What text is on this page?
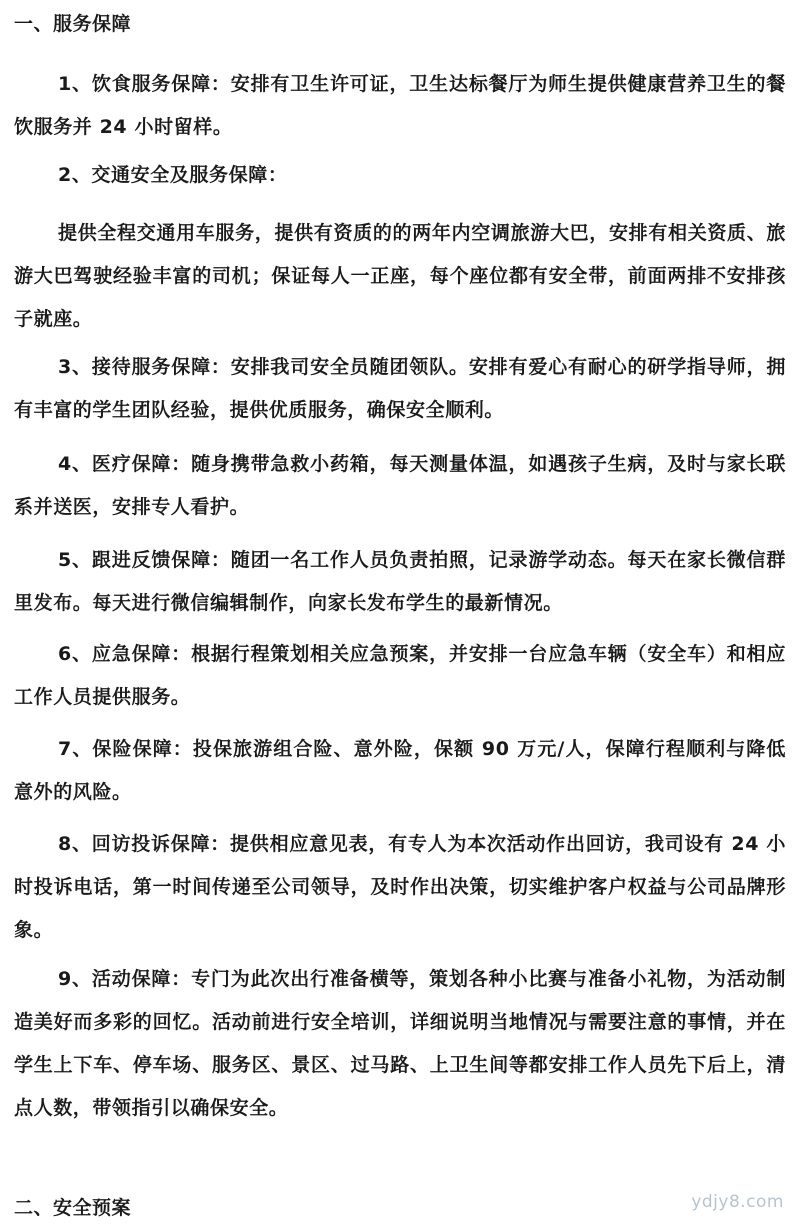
一、服务保障

1、饮食服务保障：安排有卫生许可证，卫生达标餐厅为师生提供健康营养卫生的餐饮服务并 24 小时留样。

2、交通安全及服务保障：

提供全程交通用车服务，提供有资质的的两年内空调旅游大巴，安排有相关资质、旅游大巴驾驶经验丰富的司机；保证每人一正座，每个座位都有安全带，前面两排不安排孩子就座。

3、接待服务保障：安排我司安全员随团领队。安排有爱心有耐心的研学指导师，拥有丰富的学生团队经验，提供优质服务，确保安全顺利。

4、医疗保障：随身携带急救小药箱，每天测量体温，如遇孩子生病，及时与家长联系并送医，安排专人看护。

5、跟进反馈保障：随团一名工作人员负责拍照，记录游学动态。每天在家长微信群里发布。每天进行微信编辑制作，向家长发布学生的最新情况。

6、应急保障：根据行程策划相关应急预案，并安排一台应急车辆（安全车）和相应工作人员提供服务。

7、保险保障：投保旅游组合险、意外险，保额 90 万元/人，保障行程顺利与降低意外的风险。

8、回访投诉保障：提供相应意见表，有专人为本次活动作出回访，我司设有 24 小时投诉电话，第一时间传递至公司领导，及时作出决策，切实维护客户权益与公司品牌形象。

9、活动保障：专门为此次出行准备横等，策划各种小比赛与准备小礼物，为活动制造美好而多彩的回忆。活动前进行安全培训，详细说明当地情况与需要注意的事情，并在学生上下车、停车场、服务区、景区、过马路、上卫生间等都安排工作人员先下后上，清点人数，带领指引以确保安全。

二、安全预案	ydjy8.com
